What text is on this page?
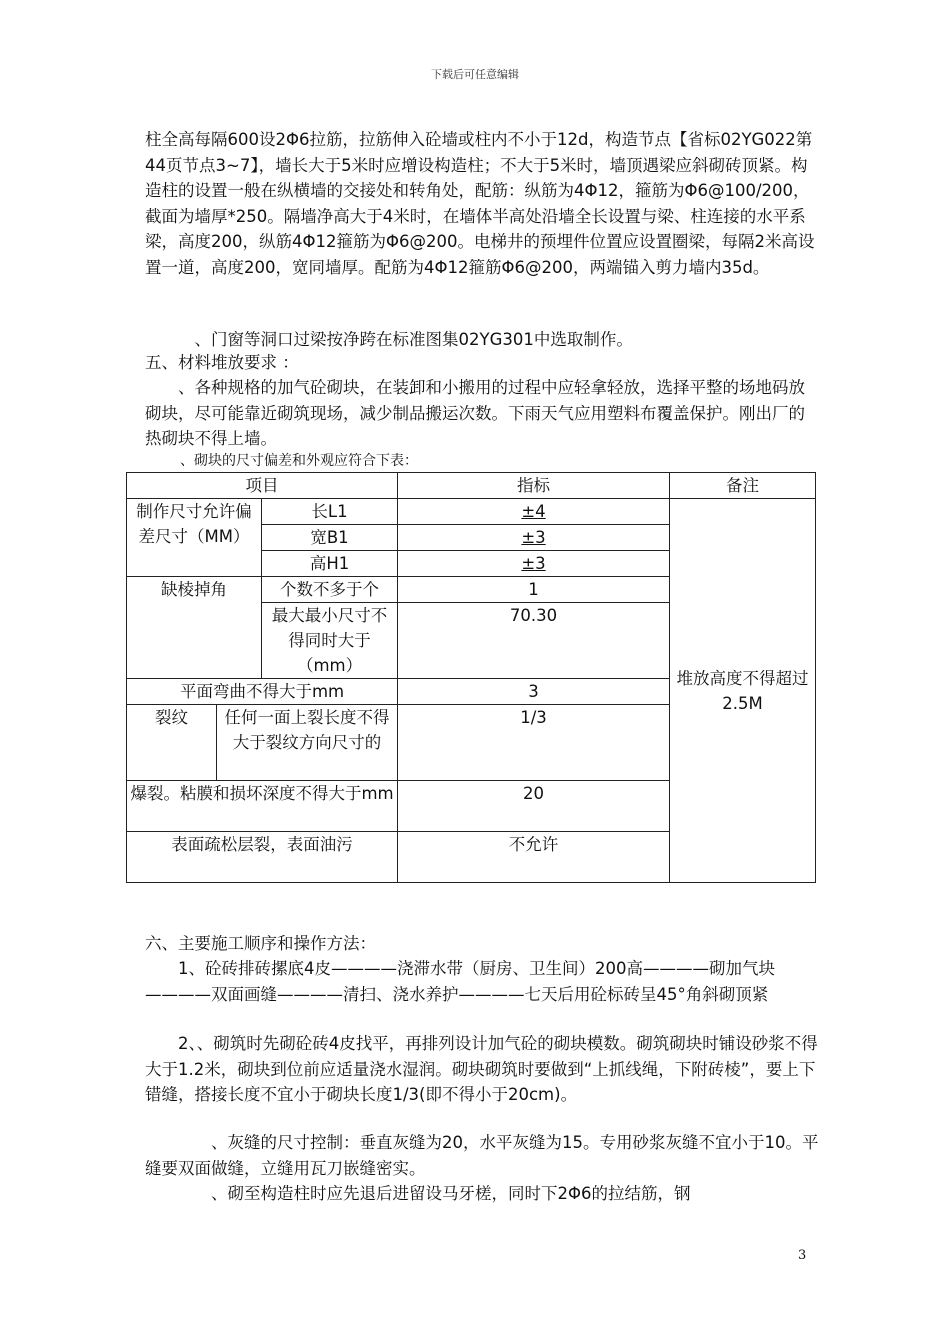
下载后可任意编辑

柱全高每隔600设2Φ6拉筋，拉筋伸入砼墙或柱内不小于12d，构造节点【省标02YG022第44页节点3~7】，墙长大于5米时应增设构造柱；不大于5米时，墙顶遇梁应斜砌砖顶紧。构造柱的设置一般在纵横墙的交接处和转角处，配筋：纵筋为4Φ12，箍筋为Φ6@100/200，截面为墙厚*250。隔墙净高大于4米时，在墙体半高处沿墙全长设置与梁、柱连接的水平系梁，高度200，纵筋4Φ12箍筋为Φ6@200。电梯井的预埋件位置应设置圈梁，每隔2米高设置一道，高度200，宽同墙厚。配筋为4Φ12箍筋Φ6@200，两端锚入剪力墙内35d。

、门窗等洞口过梁按净跨在标准图集02YG301中选取制作。

五、材料堆放要求 ：

、各种规格的加气砼砌块，在装卸和小搬用的过程中应轻拿轻放，选择平整的场地码放砌块，尽可能靠近砌筑现场，减少制品搬运次数。下雨天气应用塑料布覆盖保护。刚出厂的热砌块不得上墙。

、砌块的尺寸偏差和外观应符合下表：

项目			指标	备注
制作尺寸允许偏差尺寸（MM）		长L1	±4	堆放高度不得超过2.5M
		宽B1	±3	
		高H1	±3	
缺棱掉角		个数不多于个	1	
		最大最小尺寸不得同时大于（mm）	70.30	
平面弯曲不得大于mm			3	
裂纹	任何一面上裂长度不得大于裂纹方向尺寸的		1/3	
爆裂。粘膜和损坏深度不得大于mm			20	
表面疏松层裂，表面油污			不允许	

六、主要施工顺序和操作方法：

1、砼砖排砖摞底4皮————浇滞水带（厨房、卫生间）200高————砌加气块————双面画缝————清扫、浇水养护————七天后用砼标砖呈45°角斜砌顶紧

2、、砌筑时先砌砼砖4皮找平，再排列设计加气砼的砌块模数。砌筑砌块时铺设砂浆不得大于1.2米，砌块到位前应适量浇水湿润。砌块砌筑时要做到“上抓线绳，下附砖棱”，要上下错缝，搭接长度不宜小于砌块长度1/3(即不得小于20cm)。

、灰缝的尺寸控制：垂直灰缝为20，水平灰缝为15。专用砂浆灰缝不宜小于10。平缝要双面做缝，立缝用瓦刀嵌缝密实。

、砌至构造柱时应先退后进留设马牙槎，同时下2Φ6的拉结筋，钢

3
